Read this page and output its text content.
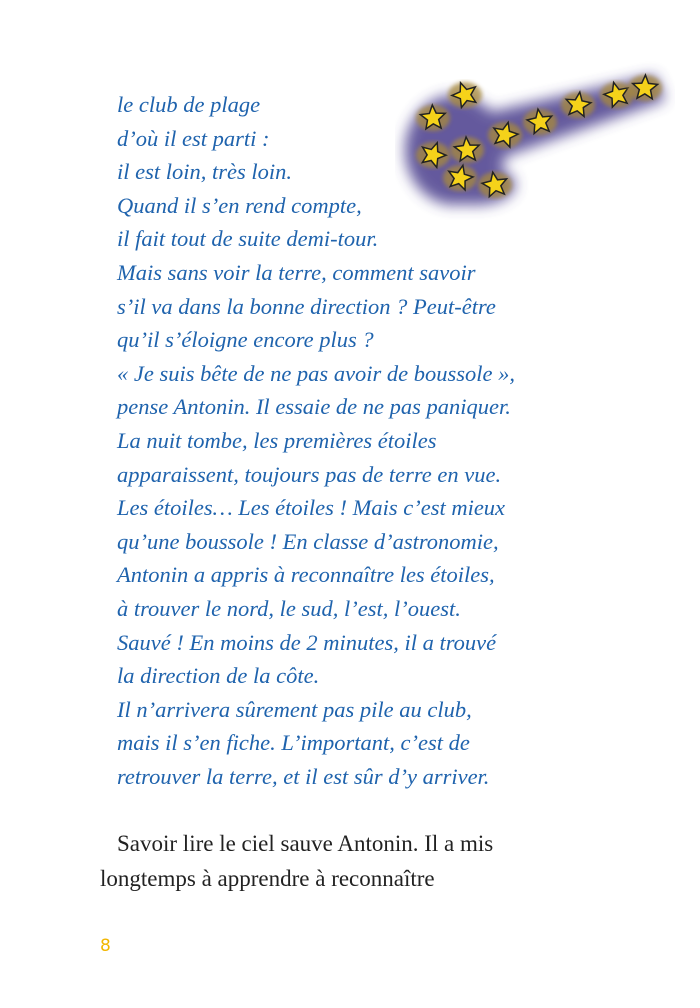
le club de plage
d’où il est parti :
il est loin, très loin.
Quand il s’en rend compte,
il fait tout de suite demi-tour.
Mais sans voir la terre, comment savoir
s’il va dans la bonne direction ? Peut-être
qu’il s’éloigne encore plus ?
« Je suis bête de ne pas avoir de boussole »,
pense Antonin. Il essaie de ne pas paniquer.
La nuit tombe, les premières étoiles
apparaissent, toujours pas de terre en vue.
Les étoiles… Les étoiles ! Mais c’est mieux
qu’une boussole ! En classe d’astronomie,
Antonin a appris à reconnaître les étoiles,
à trouver le nord, le sud, l’est, l’ouest.
Sauvé ! En moins de 2 minutes, il a trouvé
la direction de la côte.
Il n’arrivera sûrement pas pile au club,
mais il s’en fiche. L’important, c’est de
retrouver la terre, et il est sûr d’y arriver.
Savoir lire le ciel sauve Antonin. Il a mis
longtemps à apprendre à reconnaître
8
